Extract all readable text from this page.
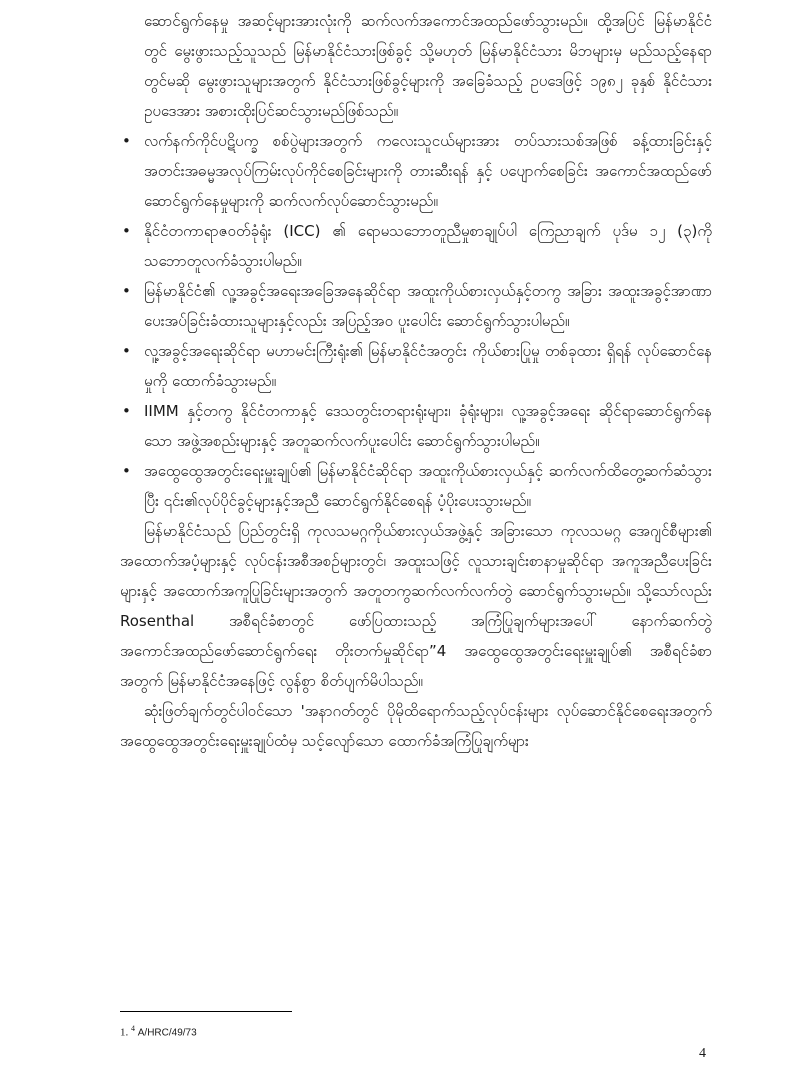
ဆောင်ရွက်နေမှု အဆင့်များအားလုံးကို ဆက်လက်အကောင်အထည်ဖော်သွားမည်။ ထို့အပြင် မြန်မာနိုင်ငံတွင် မွေးဖွားသည့်သူသည် မြန်မာနိုင်ငံသားဖြစ်ခွင့် သို့မဟုတ် မြန်မာနိုင်ငံသား မိဘများမှ မည်သည့်နေရာတွင်မဆို မွေးဖွားသူများအတွက် နိုင်ငံသားဖြစ်ခွင့်များကို အခြေခံသည့် ဥပဒေဖြင့် ၁၉၈၂ ခုနှစ် နိုင်ငံသားဥပဒေအား အစားထိုးပြင်ဆင်သွားမည်ဖြစ်သည်။

• လက်နက်ကိုင်ပဋိပက္ခ စစ်ပွဲများအတွက် ကလေးသူငယ်များအား တပ်သားသစ်အဖြစ် ခန့်ထားခြင်းနှင့် အတင်းအဓမ္မအလုပ်ကြမ်းလုပ်ကိုင်စေခြင်းများကို တားဆီးရန် နှင့် ပပျောက်စေခြင်း အကောင်အထည်ဖော်ဆောင်ရွက်နေမှုများကို ဆက်လက်လုပ်ဆောင်သွားမည်။
• နိုင်ငံတကာရာဇဝတ်ခုံရုံး (ICC) ၏ ရောမသဘောတူညီမှုစာချုပ်ပါ ကြေညာချက် ပုဒ်မ ၁၂ (၃)ကို သဘောတူလက်ခံသွားပါမည်။
• မြန်မာနိုင်ငံ၏ လူ့အခွင့်အရေးအခြေအနေဆိုင်ရာ အထူးကိုယ်စားလှယ်နှင့်တကွ အခြား အထူးအခွင့်အာဏာပေးအပ်ခြင်းခံထားသူများနှင့်လည်း အပြည့်အဝ ပူးပေါင်း ဆောင်ရွက်သွားပါမည်။
• လူ့အခွင့်အရေးဆိုင်ရာ မဟာမင်းကြီးရုံး၏ မြန်မာနိုင်ငံအတွင်း ကိုယ်စားပြုမှု တစ်ခုထား ရှိရန် လုပ်ဆောင်နေမှုကို ထောက်ခံသွားမည်။
• IIMM နှင့်တကွ နိုင်ငံတကာနှင့် ဒေသတွင်းတရားရုံးများ၊ ခုံရုံးများ၊ လူ့အခွင့်အရေး ဆိုင်ရာဆောင်ရွက်နေသော အဖွဲ့အစည်းများနှင့် အတူဆက်လက်ပူးပေါင်း ဆောင်ရွက်သွားပါမည်။
• အထွေထွေအတွင်းရေးမှူးချုပ်၏ မြန်မာနိုင်ငံဆိုင်ရာ အထူးကိုယ်စားလှယ်နှင့် ဆက်လက်ထိတွေ့ဆက်ဆံသွားပြီး ၎င်း၏လုပ်ပိုင်ခွင့်များနှင့်အညီ ဆောင်ရွက်နိုင်စေရန် ပံ့ပိုးပေးသွားမည်။

မြန်မာနိုင်ငံသည် ပြည်တွင်းရှိ ကုလသမဂ္ဂကိုယ်စားလှယ်အဖွဲ့နှင့် အခြားသော ကုလသမဂ္ဂ အေဂျင်စီများ၏ အထောက်အပံ့များနှင့် လုပ်ငန်းအစီအစဉ်များတွင်၊ အထူးသဖြင့် လူသားချင်းစာနာမှုဆိုင်ရာ အကူအညီပေးခြင်းများနှင့် အထောက်အကူပြုခြင်းများအတွက် အတူတကွဆက်လက်လက်တွဲ ဆောင်ရွက်သွားမည်။ သို့သော်လည်း Rosenthal အစီရင်ခံစာတွင် ဖော်ပြထားသည့် အကြံပြုချက်များအပေါ် နောက်ဆက်တွဲ အကောင်အထည်ဖော်ဆောင်ရွက်ရေး တိုးတက်မှုဆိုင်ရာ”4 အထွေထွေအတွင်းရေးမှူးချုပ်၏ အစီရင်ခံစာအတွက် မြန်မာနိုင်ငံအနေဖြင့် လွန်စွာ စိတ်ပျက်မိပါသည်။

ဆုံးဖြတ်ချက်တွင်ပါဝင်သော 'အနာဂတ်တွင် ပိုမိုထိရောက်သည့်လုပ်ငန်းများ လုပ်ဆောင်နိုင်စေရေးအတွက် အထွေထွေအတွင်းရေးမှူးချုပ်ထံမှ သင့်လျော်သော ထောက်ခံအကြံပြုချက်များ

1. $^4$ A/HRC/49/73
4
